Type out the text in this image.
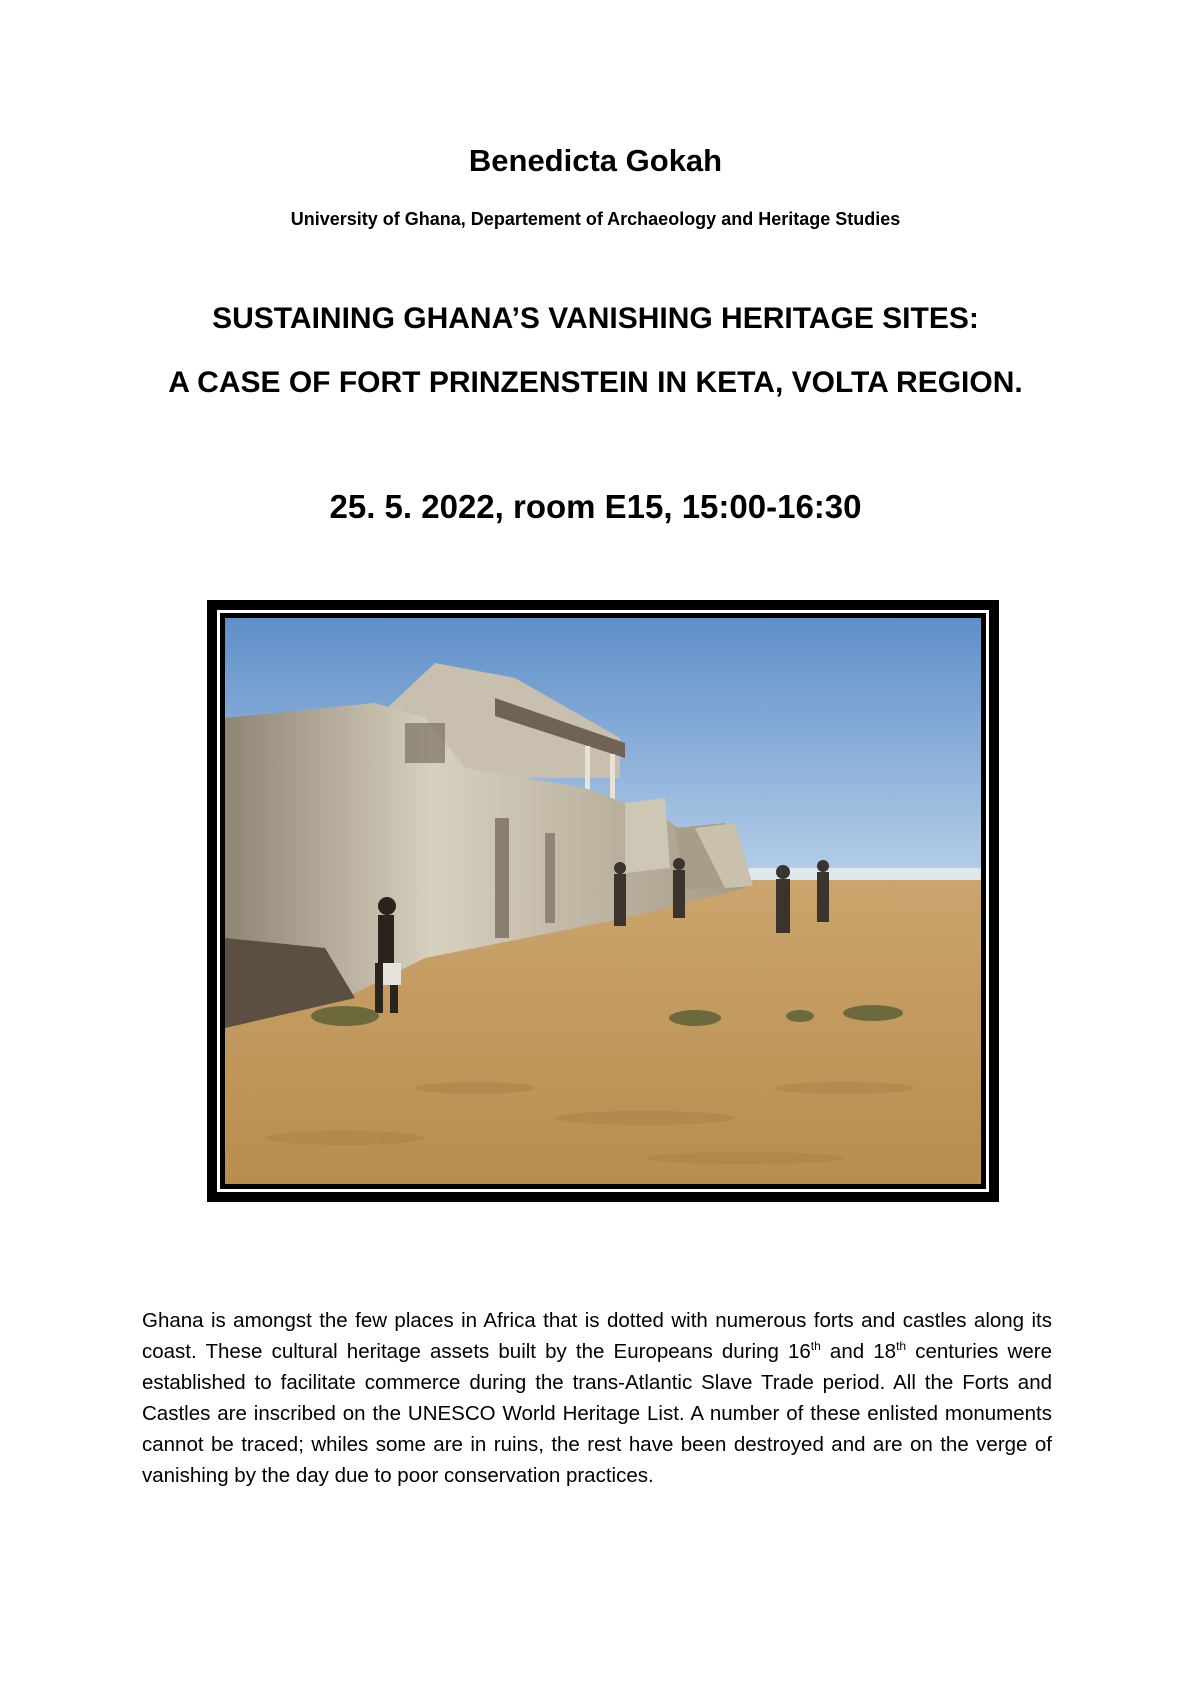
Benedicta Gokah

University of Ghana, Departement of Archaeology and Heritage Studies

SUSTAINING GHANA’S VANISHING HERITAGE SITES:
A CASE OF FORT PRINZENSTEIN IN KETA, VOLTA REGION.

25. 5. 2022, room E15, 15:00-16:30

Ghana is amongst the few places in Africa that is dotted with numerous forts and castles along its coast. These cultural heritage assets built by the Europeans during 16th and 18th centuries were established to facilitate commerce during the trans-Atlantic Slave Trade period. All the Forts and Castles are inscribed on the UNESCO World Heritage List. A number of these enlisted monuments cannot be traced; whiles some are in ruins, the rest have been destroyed and are on the verge of vanishing by the day due to poor conservation practices.
